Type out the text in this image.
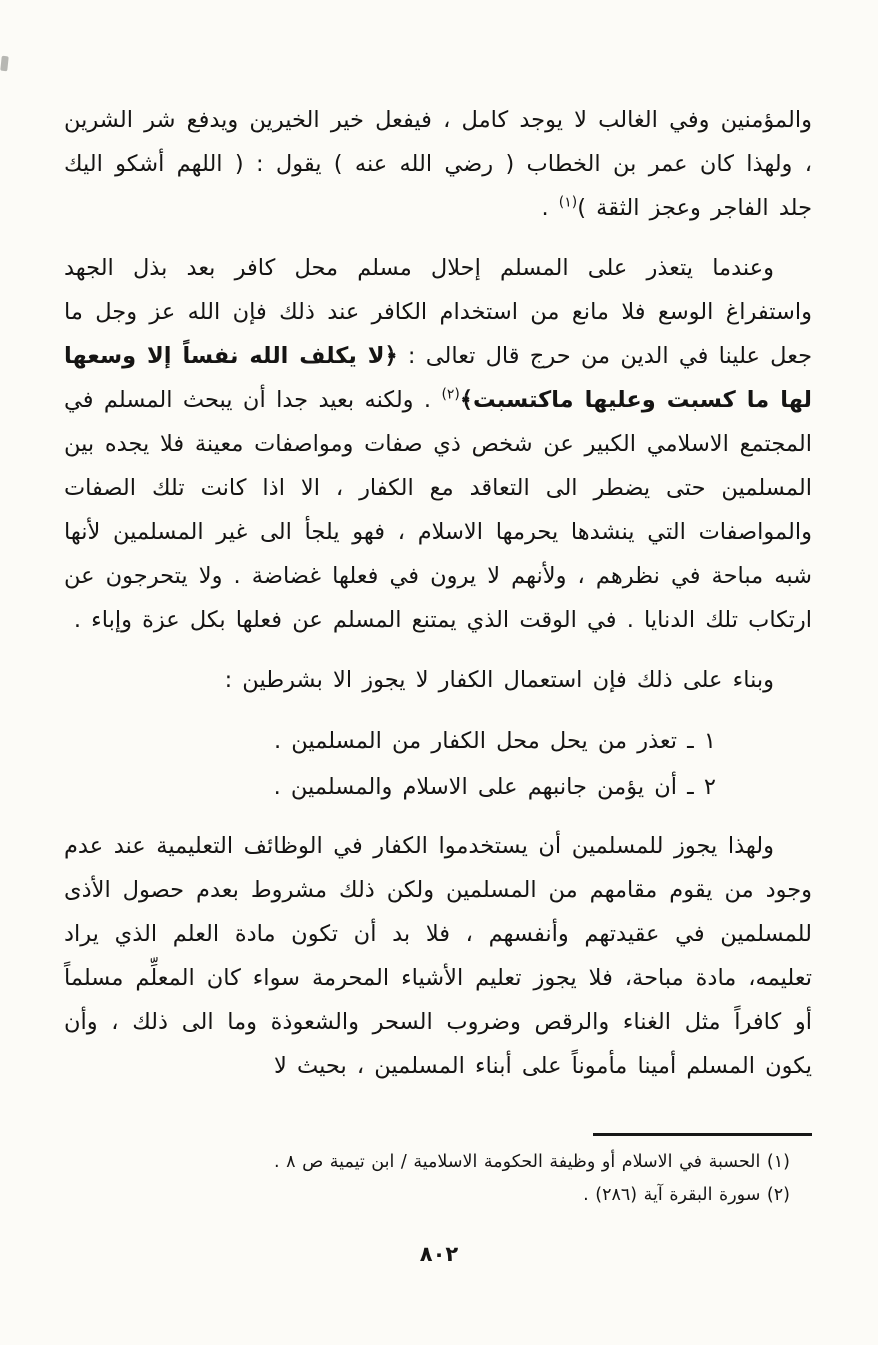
والمؤمنين وفي الغالب لا يوجد كامل ، فيفعل خير الخيرين ويدفع شر الشرين ، ولهذا كان عمر بن الخطاب ( رضي الله عنه ) يقول : ( اللهم أشكو اليك جلد الفاجر وعجز الثقة )$^{(١)}$ .

وعندما يتعذر على المسلم إحلال مسلم محل كافر بعد بذل الجهد واستفراغ الوسع فلا مانع من استخدام الكافر عند ذلك فإن الله عز وجل ما جعل علينا في الدين من حرج قال تعالى : ﴿لا يكلف الله نفساً إلا وسعها لها ما كسبت وعليها ماكتسبت﴾$^{(٢)}$ . ولكنه بعيد جدا أن يبحث المسلم في المجتمع الاسلامي الكبير عن شخص ذي صفات ومواصفات معينة فلا يجده بين المسلمين حتى يضطر الى التعاقد مع الكفار ، الا اذا كانت تلك الصفات والمواصفات التي ينشدها يحرمها الاسلام ، فهو يلجأ الى غير المسلمين لأنها شبه مباحة في نظرهم ، ولأنهم لا يرون في فعلها غضاضة . ولا يتحرجون عن ارتكاب تلك الدنايا . في الوقت الذي يمتنع المسلم عن فعلها بكل عزة وإباء .

وبناء على ذلك فإن استعمال الكفار لا يجوز الا بشرطين :

١ ـ تعذر من يحل محل الكفار من المسلمين .
٢ ـ أن يؤمن جانبهم على الاسلام والمسلمين .

ولهذا يجوز للمسلمين أن يستخدموا الكفار في الوظائف التعليمية عند عدم وجود من يقوم مقامهم من المسلمين ولكن ذلك مشروط بعدم حصول الأذى للمسلمين في عقيدتهم وأنفسهم ، فلا بد أن تكون مادة العلم الذي يراد تعليمه، مادة مباحة، فلا يجوز تعليم الأشياء المحرمة سواء كان المعلِّم مسلماً أو كافراً مثل الغناء والرقص وضروب السحر والشعوذة وما الى ذلك ، وأن يكون المسلم أمينا مأموناً على أبناء المسلمين ، بحيث لا

(١) الحسبة في الاسلام أو وظيفة الحكومة الاسلامية / ابن تيمية ص ٨ .
(٢) سورة البقرة آية (٢٨٦) .
٨٠٢
